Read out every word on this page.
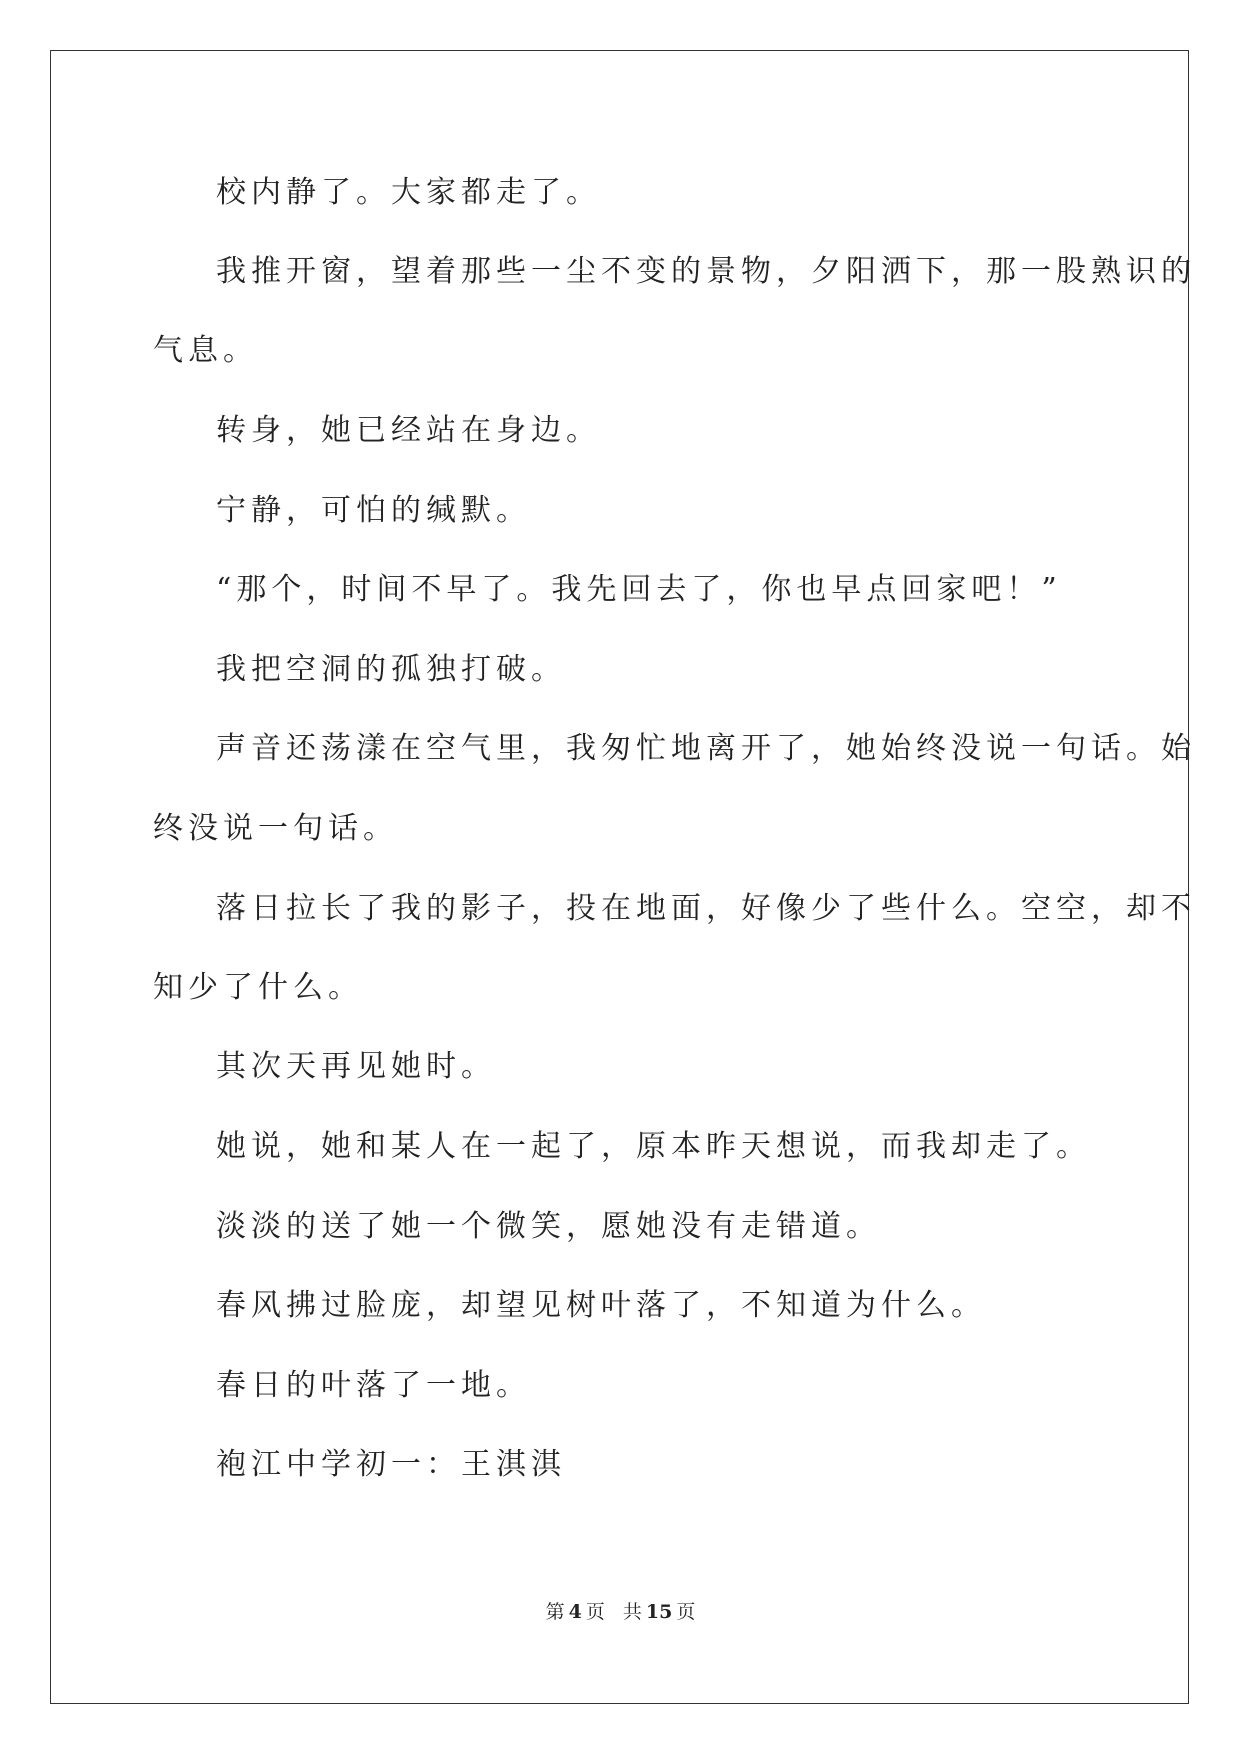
校内静了。大家都走了。
我推开窗，望着那些一尘不变的景物，夕阳洒下，那一股熟识的
气息。
转身，她已经站在身边。
宁静，可怕的缄默。
“那个，时间不早了。我先回去了，你也早点回家吧！”
我把空洞的孤独打破。
声音还荡漾在空气里，我匆忙地离开了，她始终没说一句话。始
终没说一句话。
落日拉长了我的影子，投在地面，好像少了些什么。空空，却不
知少了什么。
其次天再见她时。
她说，她和某人在一起了，原本昨天想说，而我却走了。
淡淡的送了她一个微笑，愿她没有走错道。
春风拂过脸庞，却望见树叶落了，不知道为什么。
春日的叶落了一地。
袍江中学初一：王淇淇
第 4 页 共 15 页
